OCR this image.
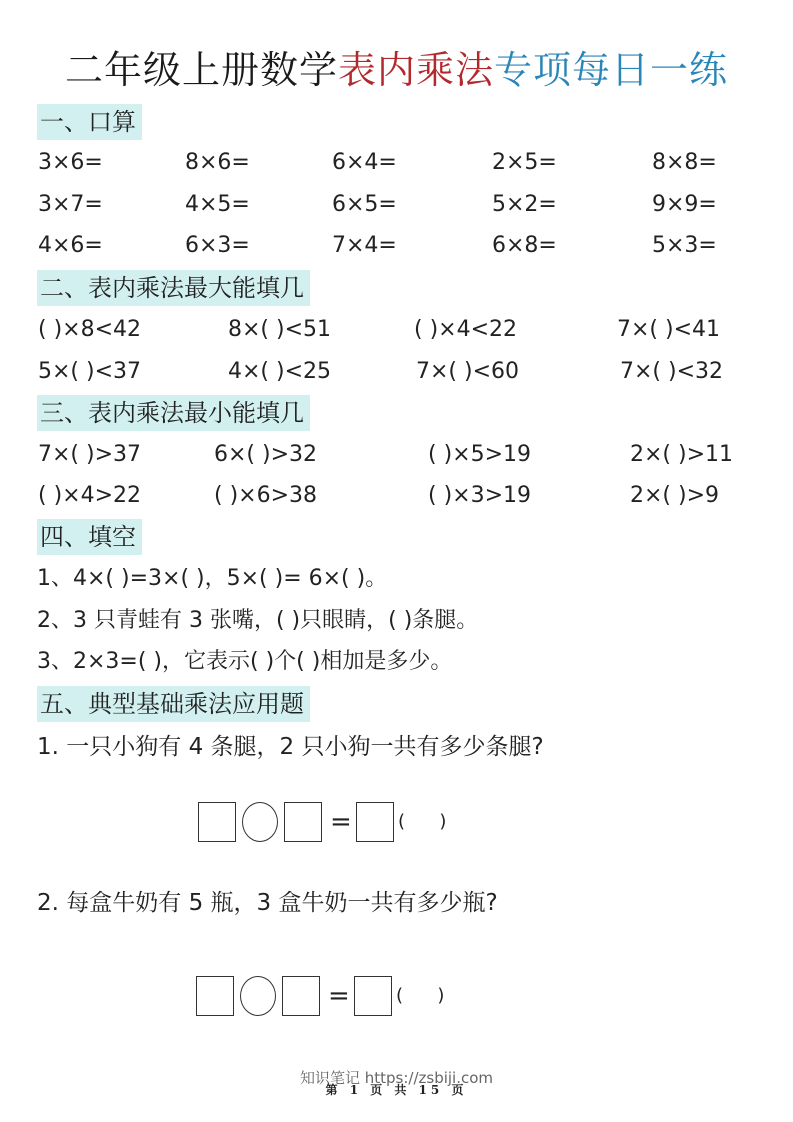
二年级上册数学表内乘法专项每日一练
一、口算
3×6=	8×6=	6×4=	2×5=	8×8=
3×7=	4×5=	6×5=	5×2=	9×9=
4×6=	6×3=	7×4=	6×8=	5×3=
二、表内乘法最大能填几
( )×8<42	8×( )<51	( )×4<22	7×( )<41
5×( )<37	4×( )<25	7×( )<60	7×( )<32
三、表内乘法最小能填几
7×( )>37	6×( )>32	( )×5>19	2×( )>11
( )×4>22	( )×6>38	( )×3>19	2×( )>9
四、填空
1、4×( )=3×( )，5×( )= 6×( )。
2、3 只青蛙有 3 张嘴，( )只眼睛，( )条腿。
3、2×3=( )，它表示( )个( )相加是多少。
五、典型基础乘法应用题
1. 一只小狗有 4 条腿，2 只小狗一共有多少条腿?
=	(      )
2. 每盒牛奶有 5 瓶，3 盒牛奶一共有多少瓶?
=	(      )
知识笔记 https://zsbiji.com
第 1 页 共 15 页
